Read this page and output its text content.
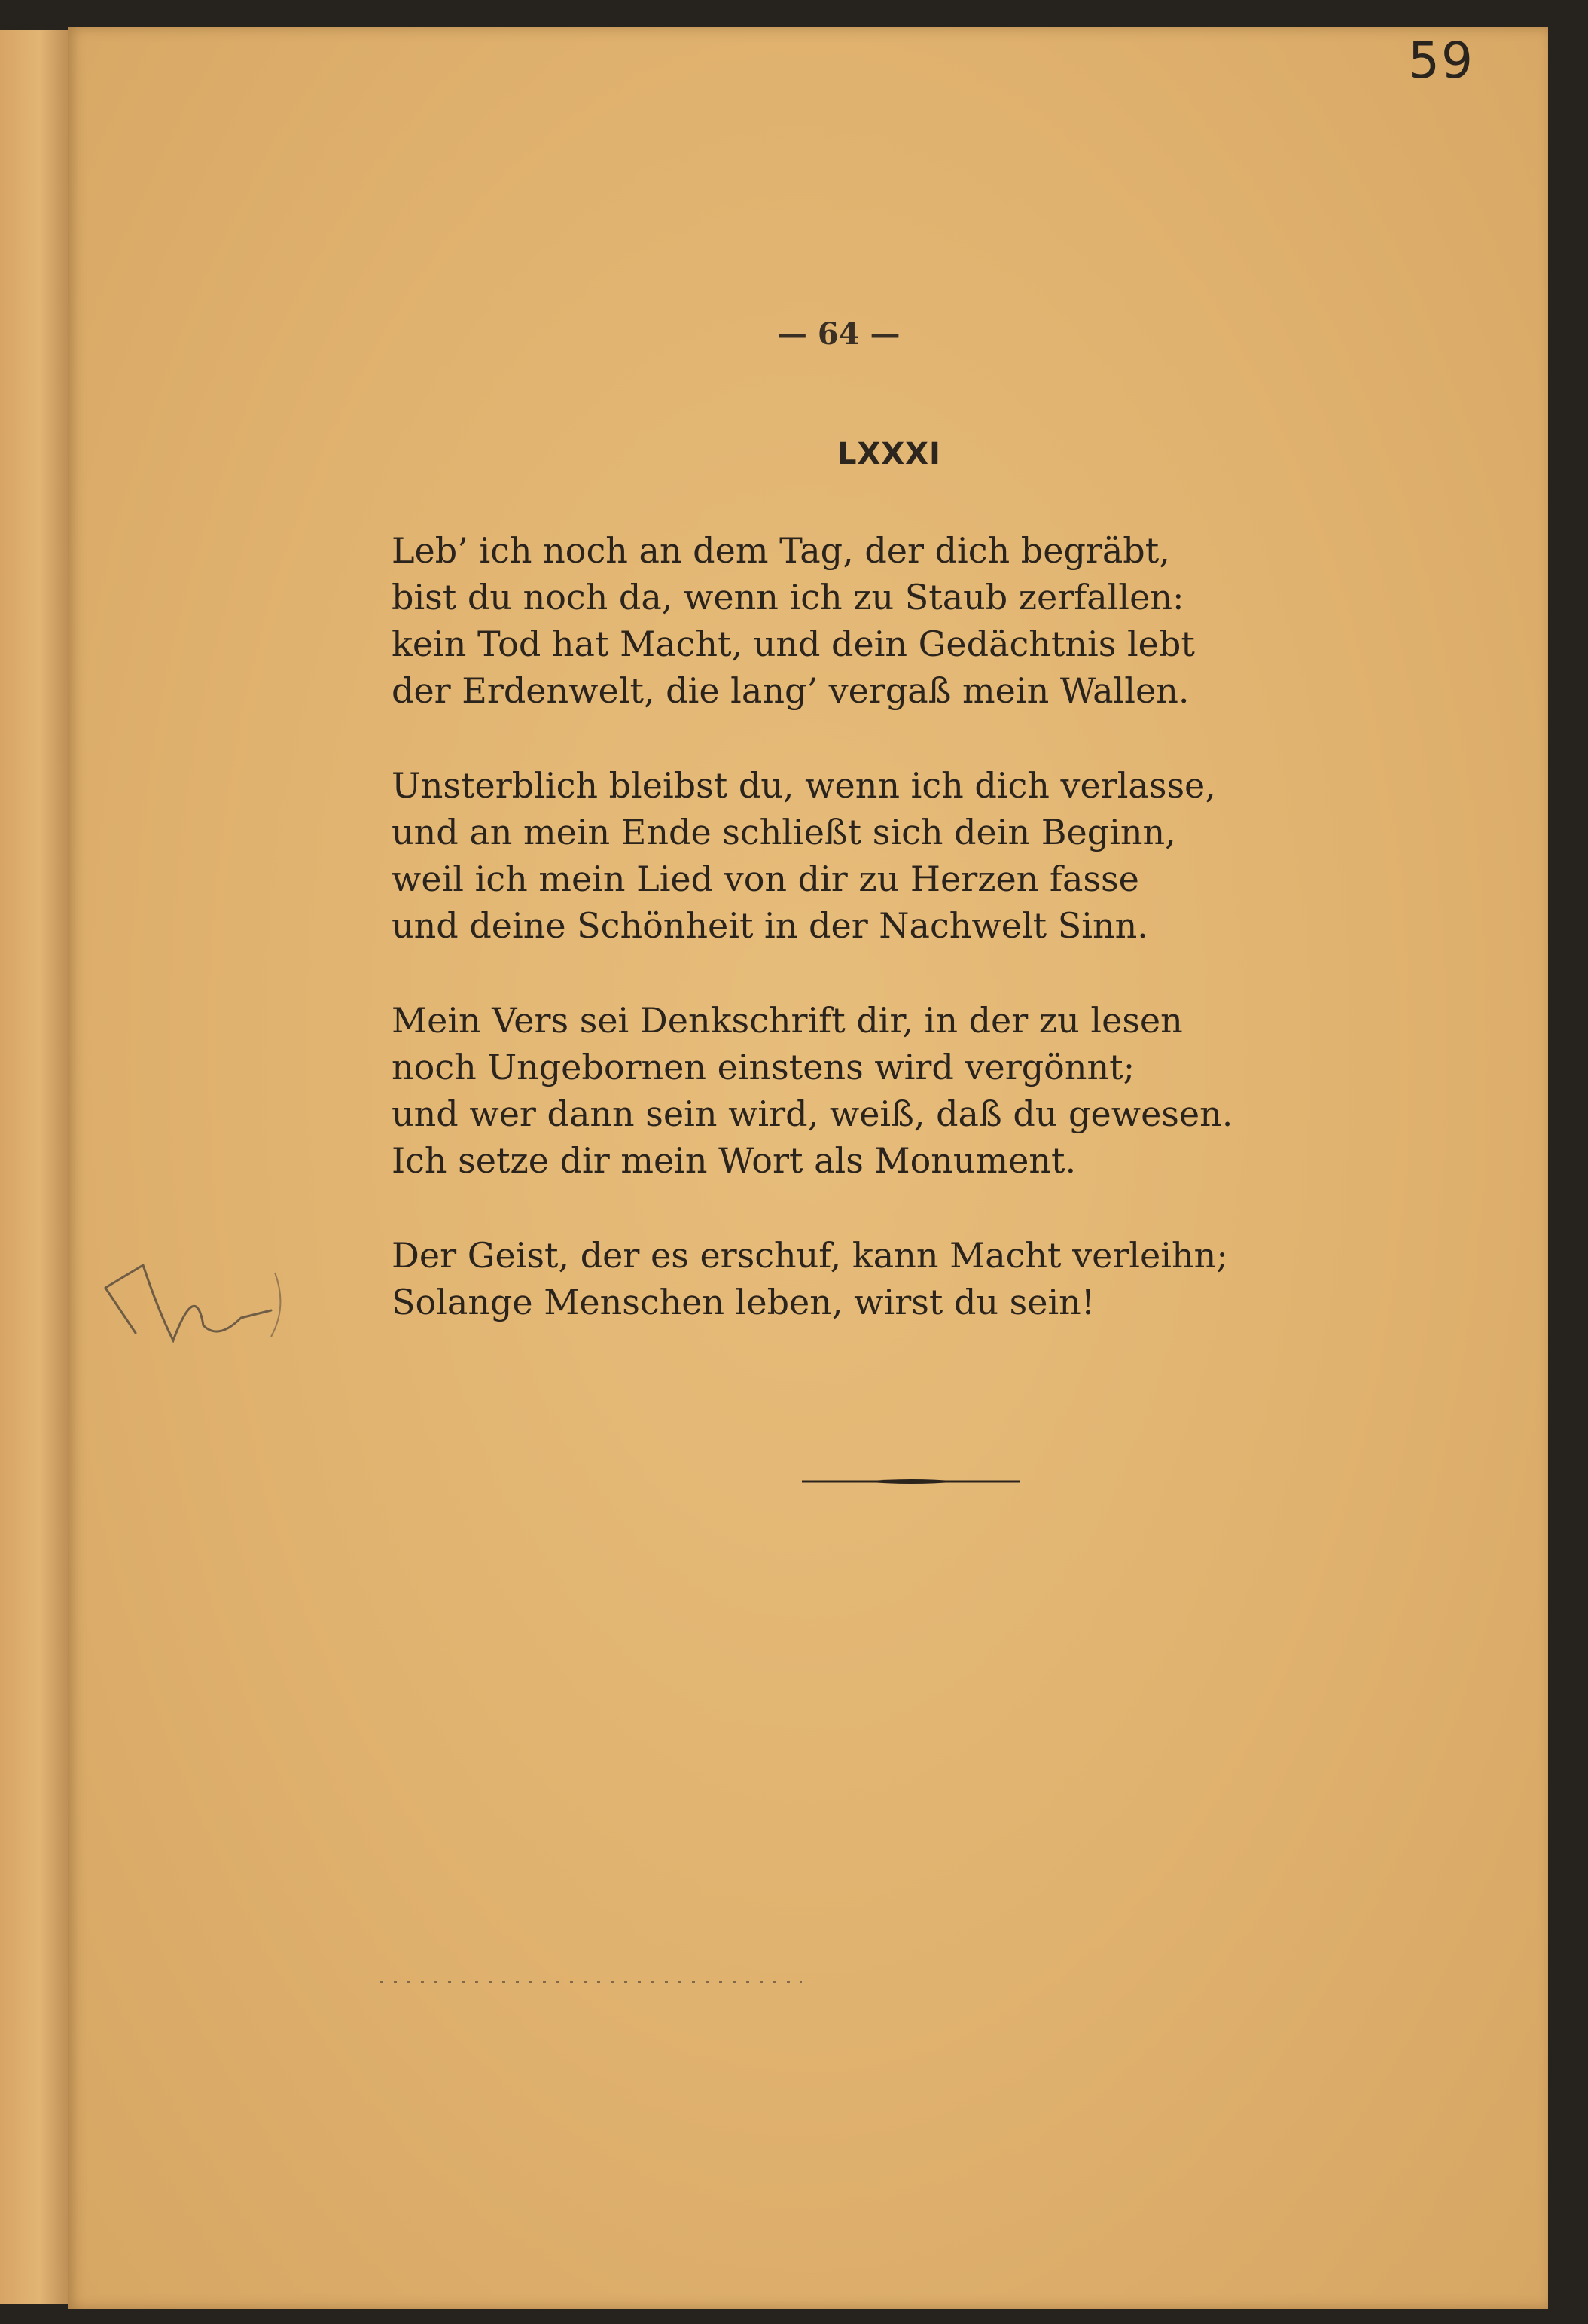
59
— 64 —
LXXXI
Leb’ ich noch an dem Tag, der dich begräbt,
bist du noch da, wenn ich zu Staub zerfallen:
kein Tod hat Macht, und dein Gedächtnis lebt
der Erdenwelt, die lang’ vergaß mein Wallen.
Unsterblich bleibst du, wenn ich dich verlasse,
und an mein Ende schließt sich dein Beginn,
weil ich mein Lied von dir zu Herzen fasse
und deine Schönheit in der Nachwelt Sinn.
Mein Vers sei Denkschrift dir, in der zu lesen
noch Ungebornen einstens wird vergönnt;
und wer dann sein wird, weiß, daß du gewesen.
Ich setze dir mein Wort als Monument.
Der Geist, der es erschuf, kann Macht verleihn;
Solange Menschen leben, wirst du sein!
